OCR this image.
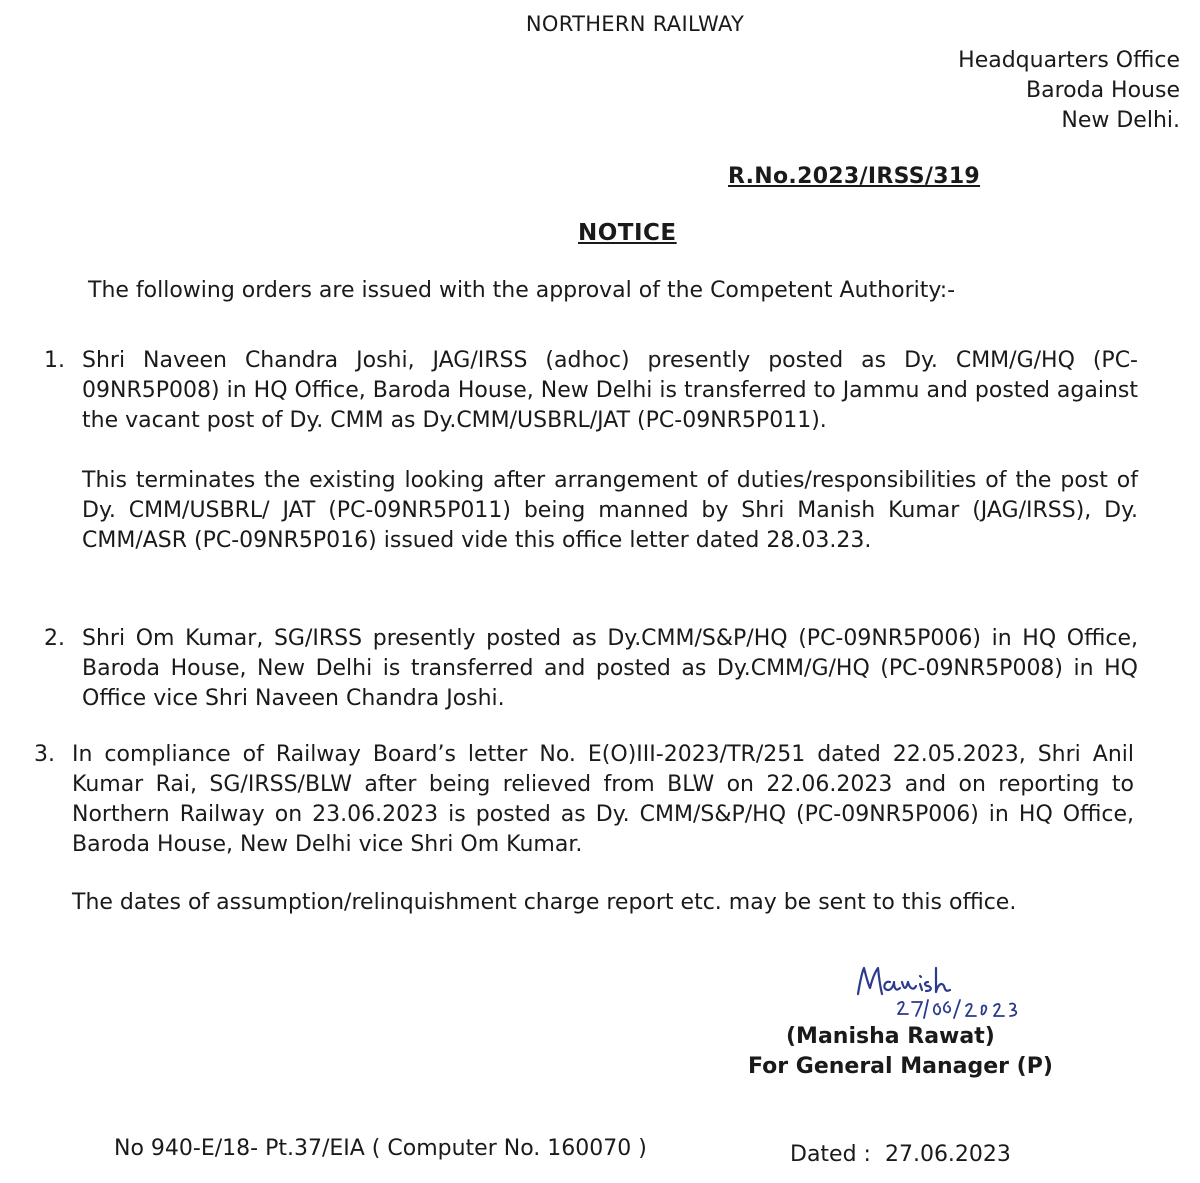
NORTHERN RAILWAY
Headquarters Office
Baroda House
New Delhi.
R.No.2023/IRSS/319
NOTICE
The following orders are issued with the approval of the Competent Authority:-
1. Shri Naveen Chandra Joshi, JAG/IRSS (adhoc) presently posted as Dy. CMM/G/HQ (PC-09NR5P008) in HQ Office, Baroda House, New Delhi is transferred to Jammu and posted against the vacant post of Dy. CMM as Dy.CMM/USBRL/JAT (PC-09NR5P011).

This terminates the existing looking after arrangement of duties/responsibilities of the post of Dy. CMM/USBRL/ JAT (PC-09NR5P011) being manned by Shri Manish Kumar (JAG/IRSS), Dy. CMM/ASR (PC-09NR5P016) issued vide this office letter dated 28.03.23.

2. Shri Om Kumar, SG/IRSS presently posted as Dy.CMM/S&P/HQ (PC-09NR5P006) in HQ Office, Baroda House, New Delhi is transferred and posted as Dy.CMM/G/HQ (PC-09NR5P008) in HQ Office vice Shri Naveen Chandra Joshi.

3. In compliance of Railway Board’s letter No. E(O)III-2023/TR/251 dated 22.05.2023, Shri Anil Kumar Rai, SG/IRSS/BLW after being relieved from BLW on 22.06.2023 and on reporting to Northern Railway on 23.06.2023 is posted as Dy. CMM/S&P/HQ (PC-09NR5P006) in HQ Office, Baroda House, New Delhi vice Shri Om Kumar.

The dates of assumption/relinquishment charge report etc. may be sent to this office.
(Manisha Rawat)
For General Manager (P)
No 940-E/18- Pt.37/EIA ( Computer No. 160070 )	Dated : 27.06.2023
